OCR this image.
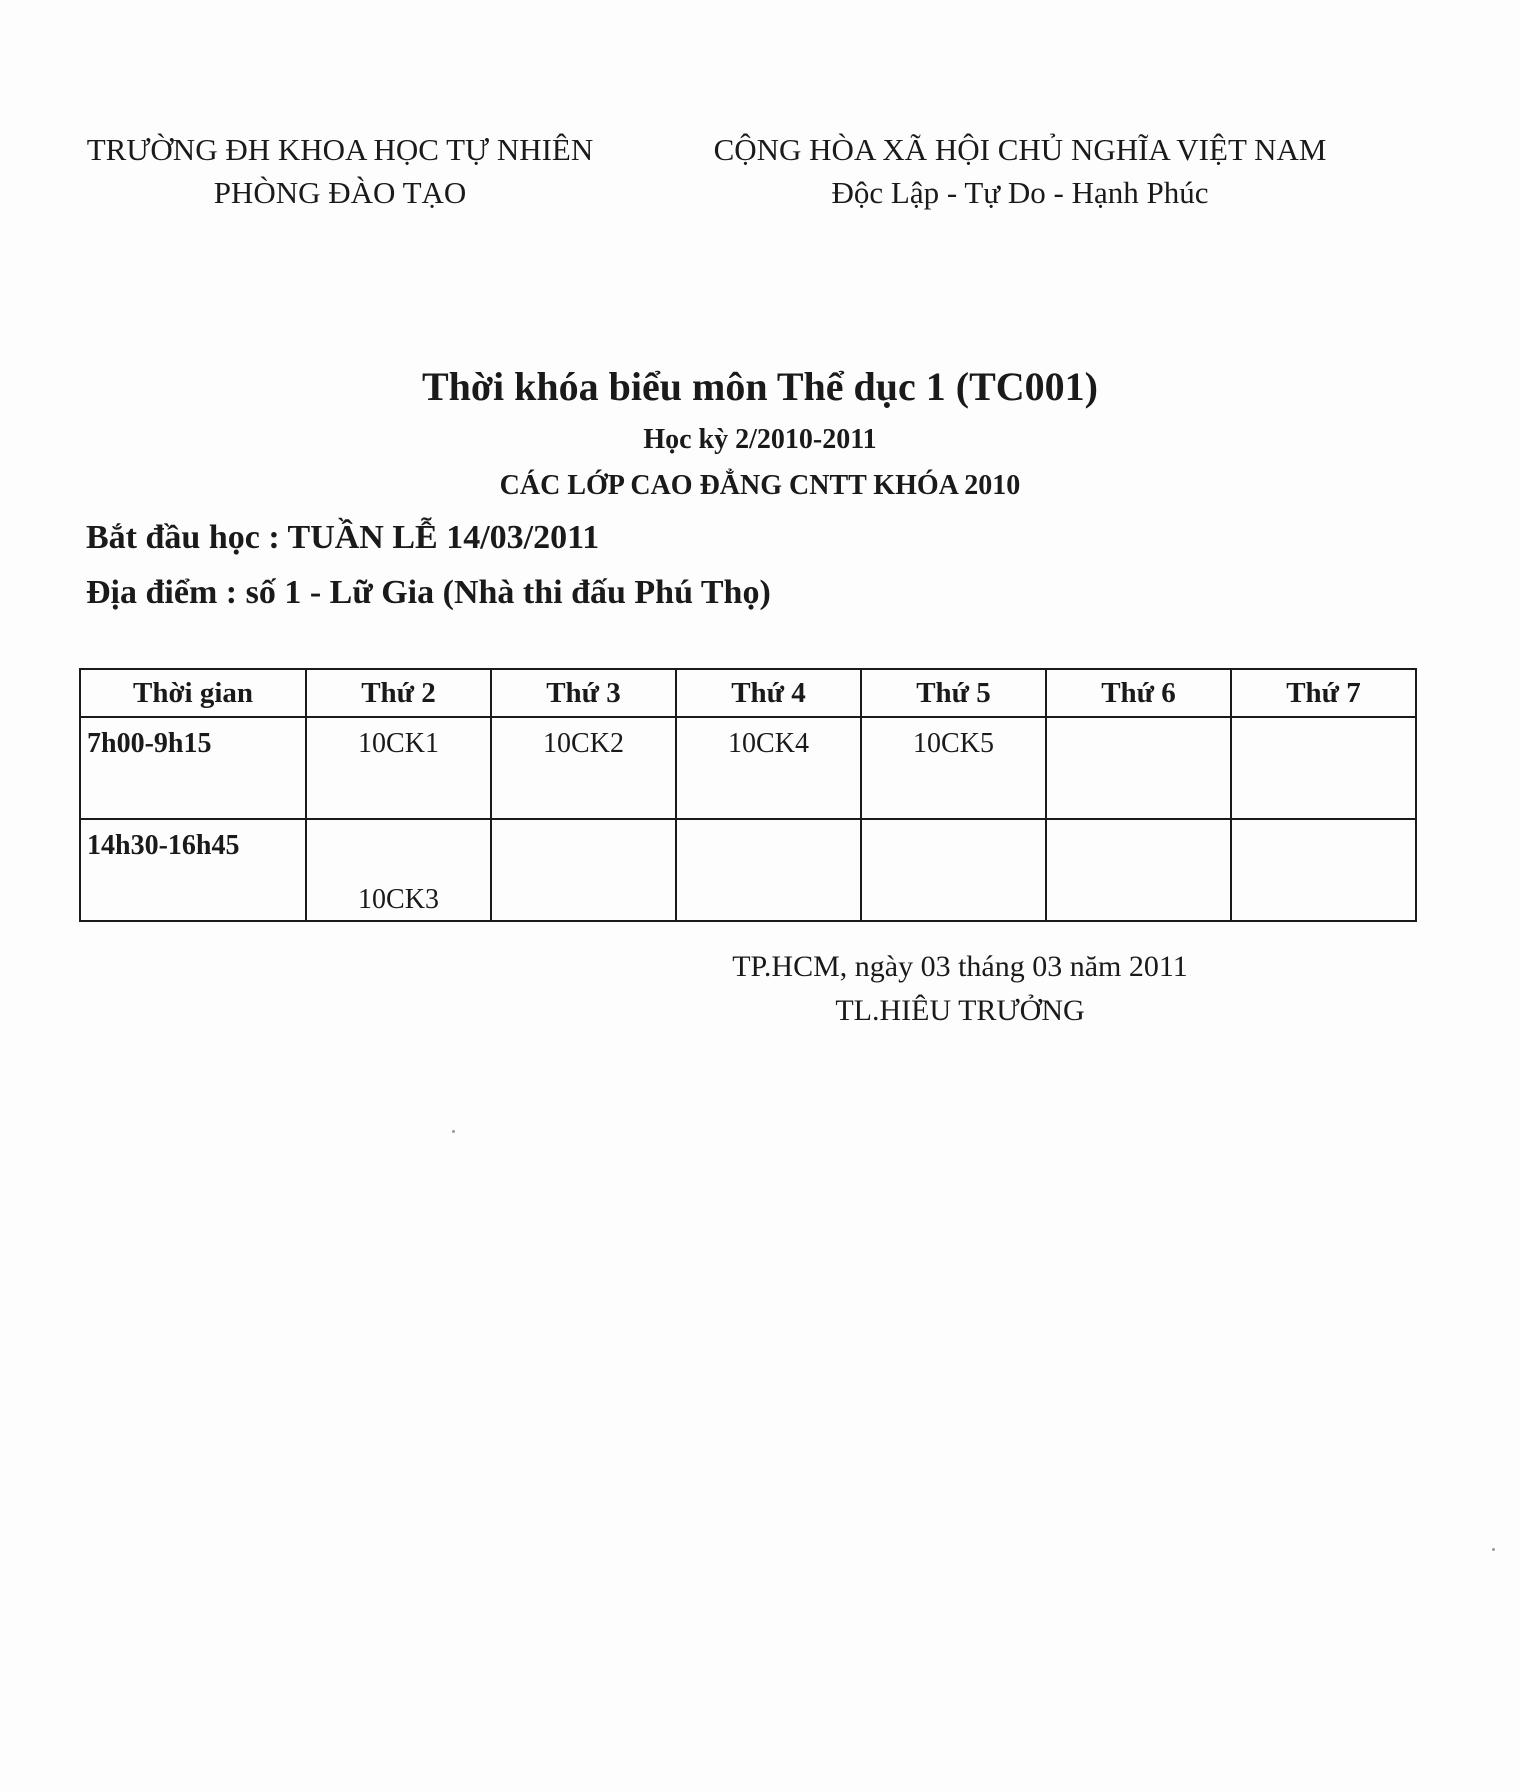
TRƯỜNG ĐH KHOA HỌC TỰ NHIÊN
PHÒNG ĐÀO TẠO
CỘNG HÒA XÃ HỘI CHỦ NGHĨA VIỆT NAM
Độc Lập - Tự Do - Hạnh Phúc
Thời khóa biểu môn Thể dục 1 (TC001)
Học kỳ 2/2010-2011
CÁC LỚP CAO ĐẲNG CNTT KHÓA 2010
Bắt đầu học : TUẦN LỄ 14/03/2011
Địa điểm : số 1 - Lữ Gia (Nhà thi đấu Phú Thọ)
Thời gian	Thứ 2	Thứ 3	Thứ 4	Thứ 5	Thứ 6	Thứ 7
7h00-9h15	10CK1	10CK2	10CK4	10CK5		
14h30-16h45	10CK3					
TP.HCM, ngày 03 tháng 03 năm 2011
TL.HIÊU TRƯỞNG
